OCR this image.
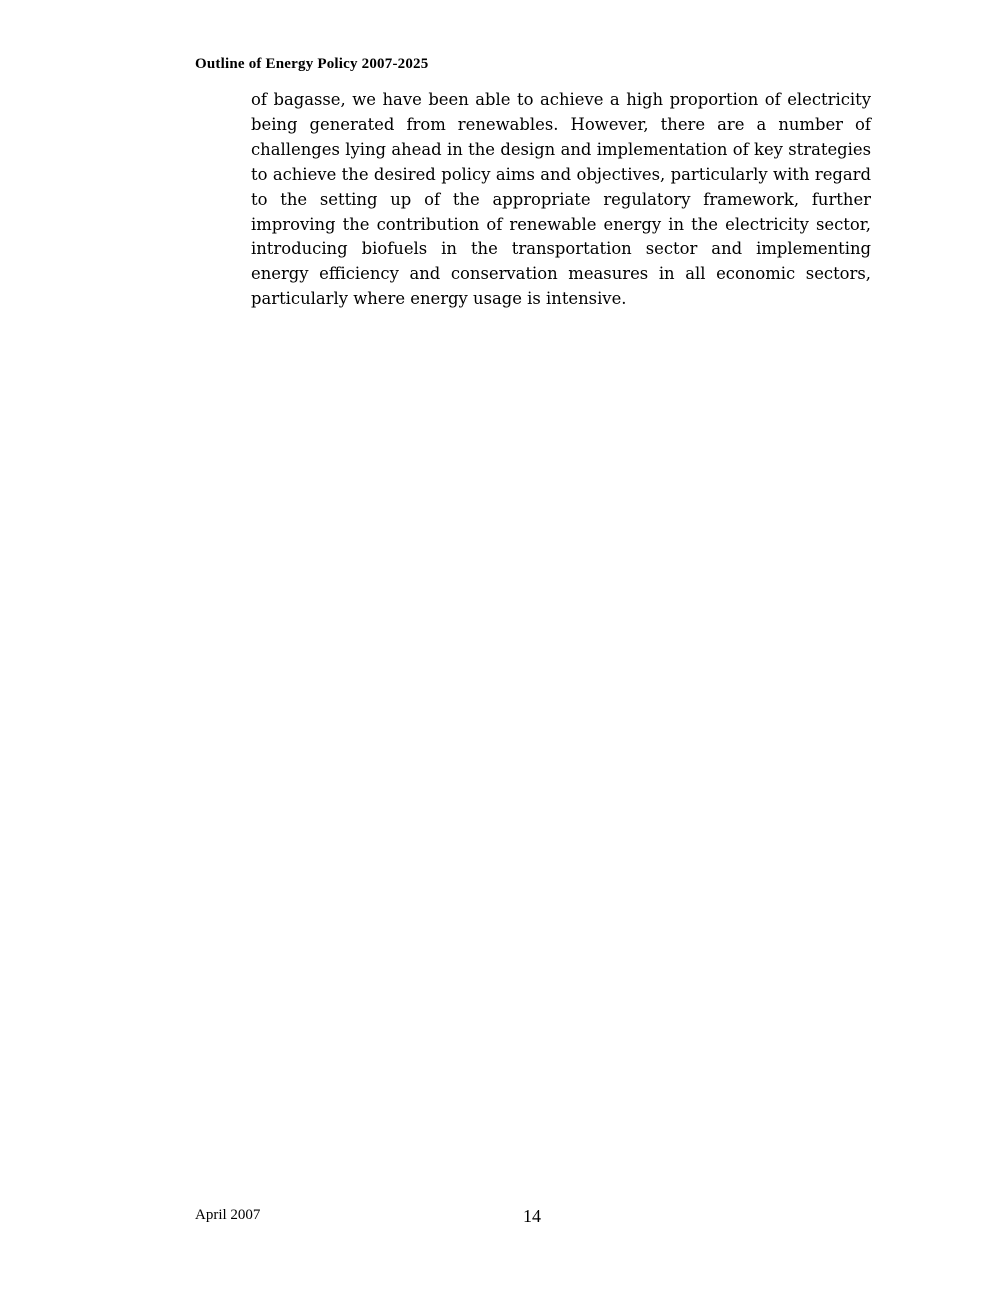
Outline of Energy Policy 2007-2025

of bagasse, we have been able to achieve a high proportion of electricity being generated from renewables. However, there are a number of challenges lying ahead in the design and implementation of key strategies to achieve the desired policy aims and objectives, particularly with regard to the setting up of the appropriate regulatory framework, further improving the contribution of renewable energy in the electricity sector, introducing biofuels in the transportation sector and implementing energy efficiency and conservation measures in all economic sectors, particularly where energy usage is intensive.

April 2007	14
